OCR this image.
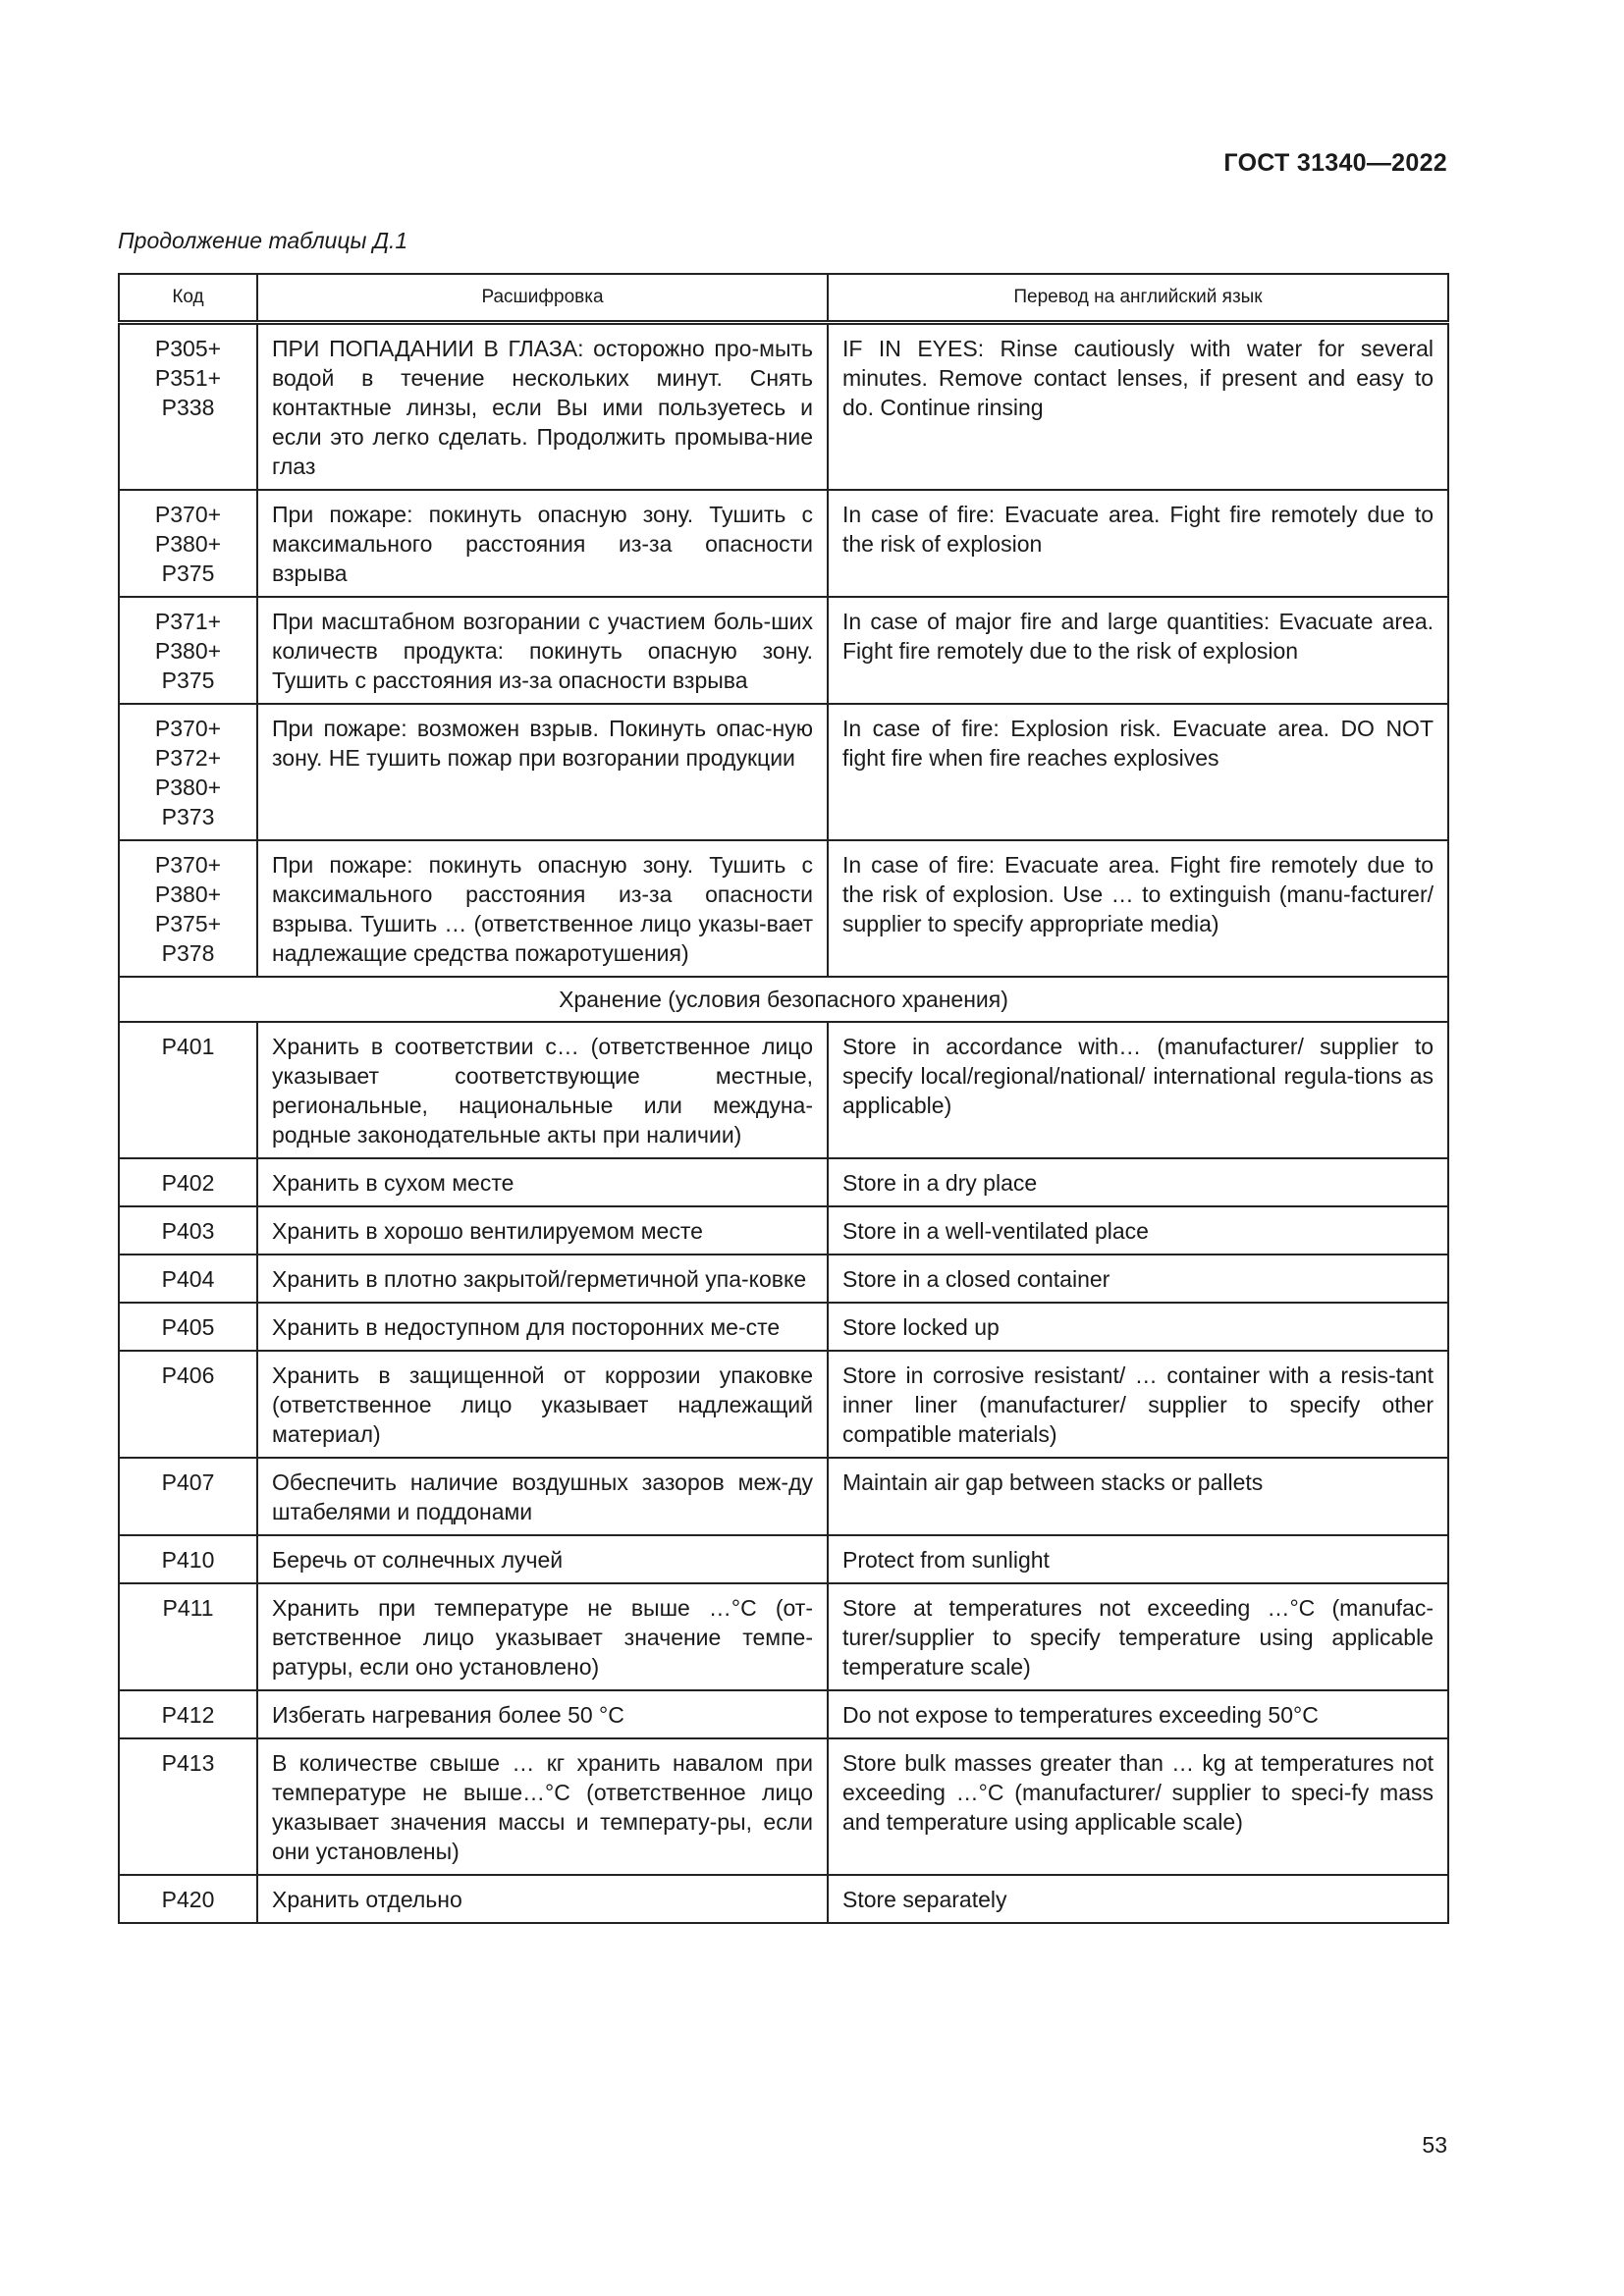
ГОСТ 31340—2022
Продолжение таблицы Д.1
Код	Расшифровка	Перевод на английский язык

P305+
P351+
P338	ПРИ ПОПАДАНИИ В ГЛАЗА: осторожно про-мыть водой в течение нескольких минут. Снять контактные линзы, если Вы ими пользуетесь и если это легко сделать. Продолжить промыва-ние глаз	IF IN EYES: Rinse cautiously with water for several minutes. Remove contact lenses, if present and easy to do. Continue rinsing

P370+
P380+
P375	При пожаре: покинуть опасную зону. Тушить с максимального расстояния из-за опасности взрыва	In case of fire: Evacuate area. Fight fire remotely due to the risk of explosion

P371+
P380+
P375	При масштабном возгорании с участием боль-ших количеств продукта: покинуть опасную зону. Тушить с расстояния из-за опасности взрыва	In case of major fire and large quantities: Evacuate area. Fight fire remotely due to the risk of explosion

P370+
P372+
P380+
P373	При пожаре: возможен взрыв. Покинуть опас-ную зону. НЕ тушить пожар при возгорании продукции	In case of fire: Explosion risk. Evacuate area. DO NOT fight fire when fire reaches explosives

P370+
P380+
P375+
P378	При пожаре: покинуть опасную зону. Тушить с максимального расстояния из-за опасности взрыва. Тушить … (ответственное лицо указы-вает надлежащие средства пожаротушения)	In case of fire: Evacuate area. Fight fire remotely due to the risk of explosion. Use … to extinguish (manu-facturer/ supplier to specify appropriate media)
Хранение (условия безопасного хранения)		

P401	Хранить в соответствии с… (ответственное лицо указывает соответствующие местные, региональные, национальные или междуна-родные законодательные акты при наличии)	Store in accordance with… (manufacturer/ supplier to specify local/regional/national/ international regula-tions as applicable)

P402	Хранить в сухом месте	Store in a dry place

P403	Хранить в хорошо вентилируемом месте	Store in a well-ventilated place

P404	Хранить в плотно закрытой/герметичной упа-ковке	Store in a closed container

P405	Хранить в недоступном для посторонних ме-сте	Store locked up

P406	Хранить в защищенной от коррозии упаковке (ответственное лицо указывает надлежащий материал)	Store in corrosive resistant/ … container with a resis-tant inner liner (manufacturer/ supplier to specify other compatible materials)

P407	Обеспечить наличие воздушных зазоров меж-ду штабелями и поддонами	Maintain air gap between stacks or pallets

P410	Беречь от солнечных лучей	Protect from sunlight

P411	Хранить при температуре не выше …°С (от-ветственное лицо указывает значение темпе-ратуры, если оно установлено)	Store at temperatures not exceeding …°C (manufac-turer/supplier to specify temperature using applicable temperature scale)

P412	Избегать нагревания более 50 °С	Do not expose to temperatures exceeding 50°C

P413	В количестве свыше … кг хранить навалом при температуре не выше…°С (ответственное лицо указывает значения массы и температу-ры, если они установлены)	Store bulk masses greater than … kg at temperatures not exceeding …°C (manufacturer/ supplier to speci-fy mass and temperature using applicable scale)

P420	Хранить отдельно	Store separately
53
